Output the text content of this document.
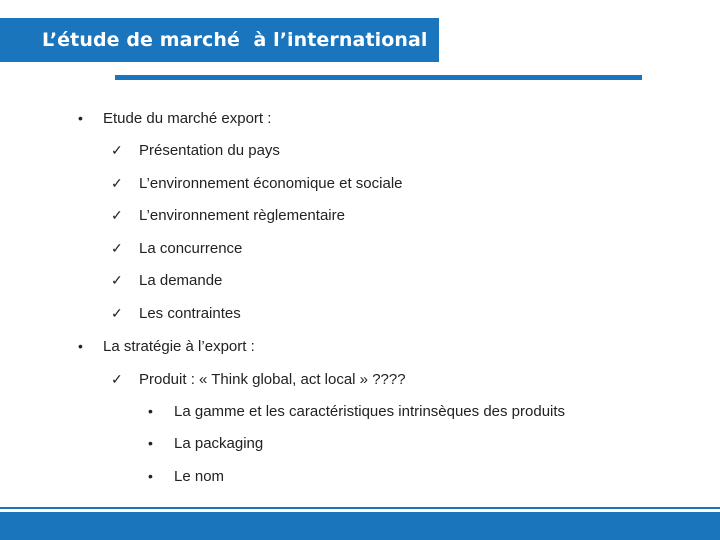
L’étude de marché  à l’international
•	Etude du marché export :
✓	Présentation du pays
✓	L’environnement économique et sociale
✓	L’environnement règlementaire
✓	La concurrence
✓	La demande
✓	Les contraintes
•	La stratégie à l’export :
✓	Produit : « Think global, act local » ????
•	La gamme et les caractéristiques intrinsèques des produits
•	La packaging
•	Le nom
